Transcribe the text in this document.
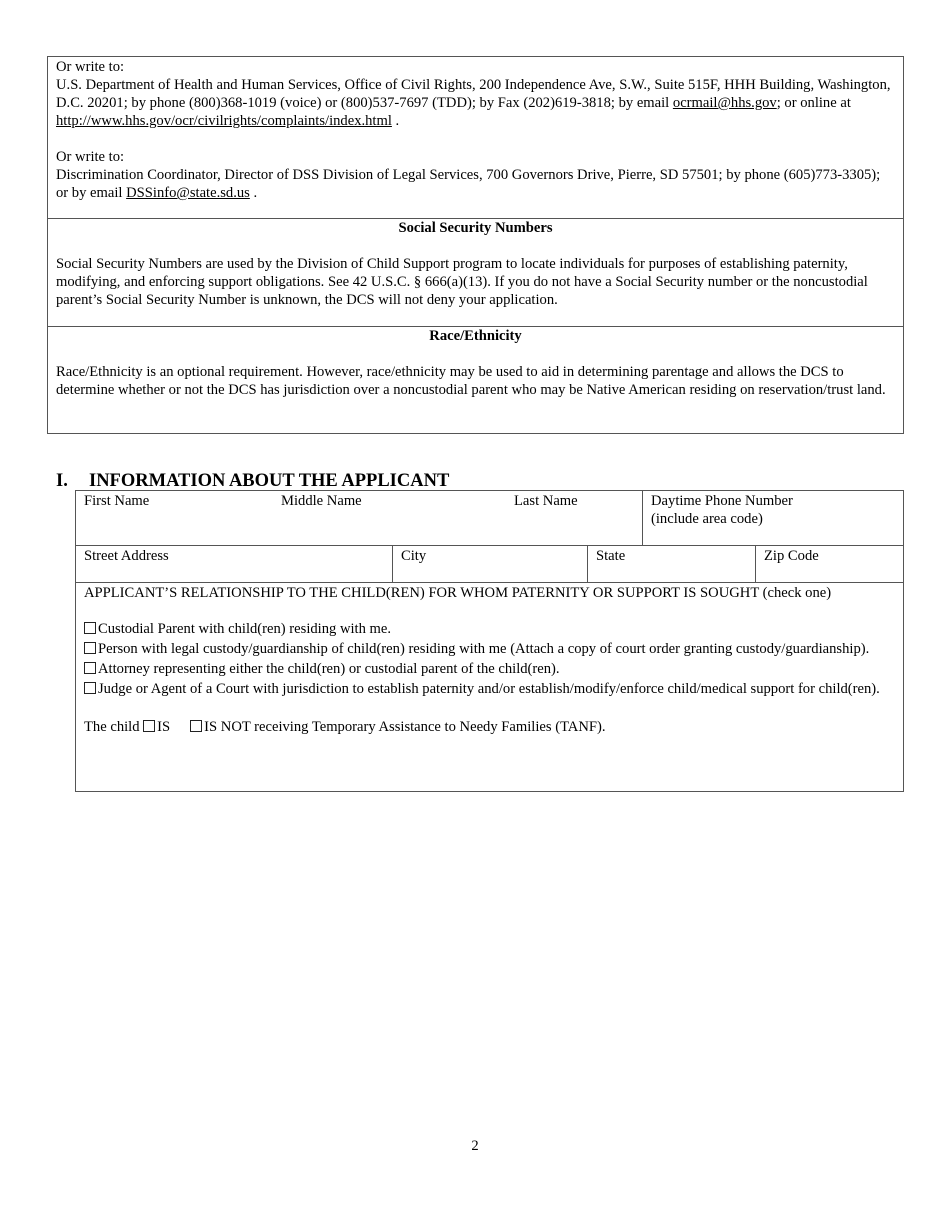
Or write to:

U.S. Department of Health and Human Services, Office of Civil Rights, 200 Independence Ave, S.W., Suite 515F, HHH Building, Washington, D.C. 20201; by phone (800)368-1019 (voice) or (800)537-7697 (TDD); by Fax (202)619-3818; by email ocrmail@hhs.gov; or online at http://www.hhs.gov/ocr/civilrights/complaints/index.html .

Or write to:

Discrimination Coordinator, Director of DSS Division of Legal Services, 700 Governors Drive, Pierre, SD 57501; by phone (605)773-3305); or by email DSSinfo@state.sd.us .

Social Security Numbers

Social Security Numbers are used by the Division of Child Support program to locate individuals for purposes of establishing paternity, modifying, and enforcing support obligations. See 42 U.S.C. § 666(a)(13). If you do not have a Social Security number or the noncustodial parent’s Social Security Number is unknown, the DCS will not deny your application.

Race/Ethnicity

Race/Ethnicity is an optional requirement. However, race/ethnicity may be used to aid in determining parentage and allows the DCS to determine whether or not the DCS has jurisdiction over a noncustodial parent who may be Native American residing on reservation/trust land.

I. INFORMATION ABOUT THE APPLICANT
First Name	Middle Name	Last Name	Daytime Phone Number

(include area code)

Street Address	City	State	Zip Code

APPLICANT’S RELATIONSHIP TO THE CHILD(REN) FOR WHOM PATERNITY OR SUPPORT IS SOUGHT (check one)

Custodial Parent with child(ren) residing with me.

Person with legal custody/guardianship of child(ren) residing with me (Attach a copy of court order granting custody/guardianship).

Attorney representing either the child(ren) or custodial parent of the child(ren).

Judge or Agent of a Court with jurisdiction to establish paternity and/or establish/modify/enforce child/medical support for child(ren).

The child IS IS NOT receiving Temporary Assistance to Needy Families (TANF).

2
